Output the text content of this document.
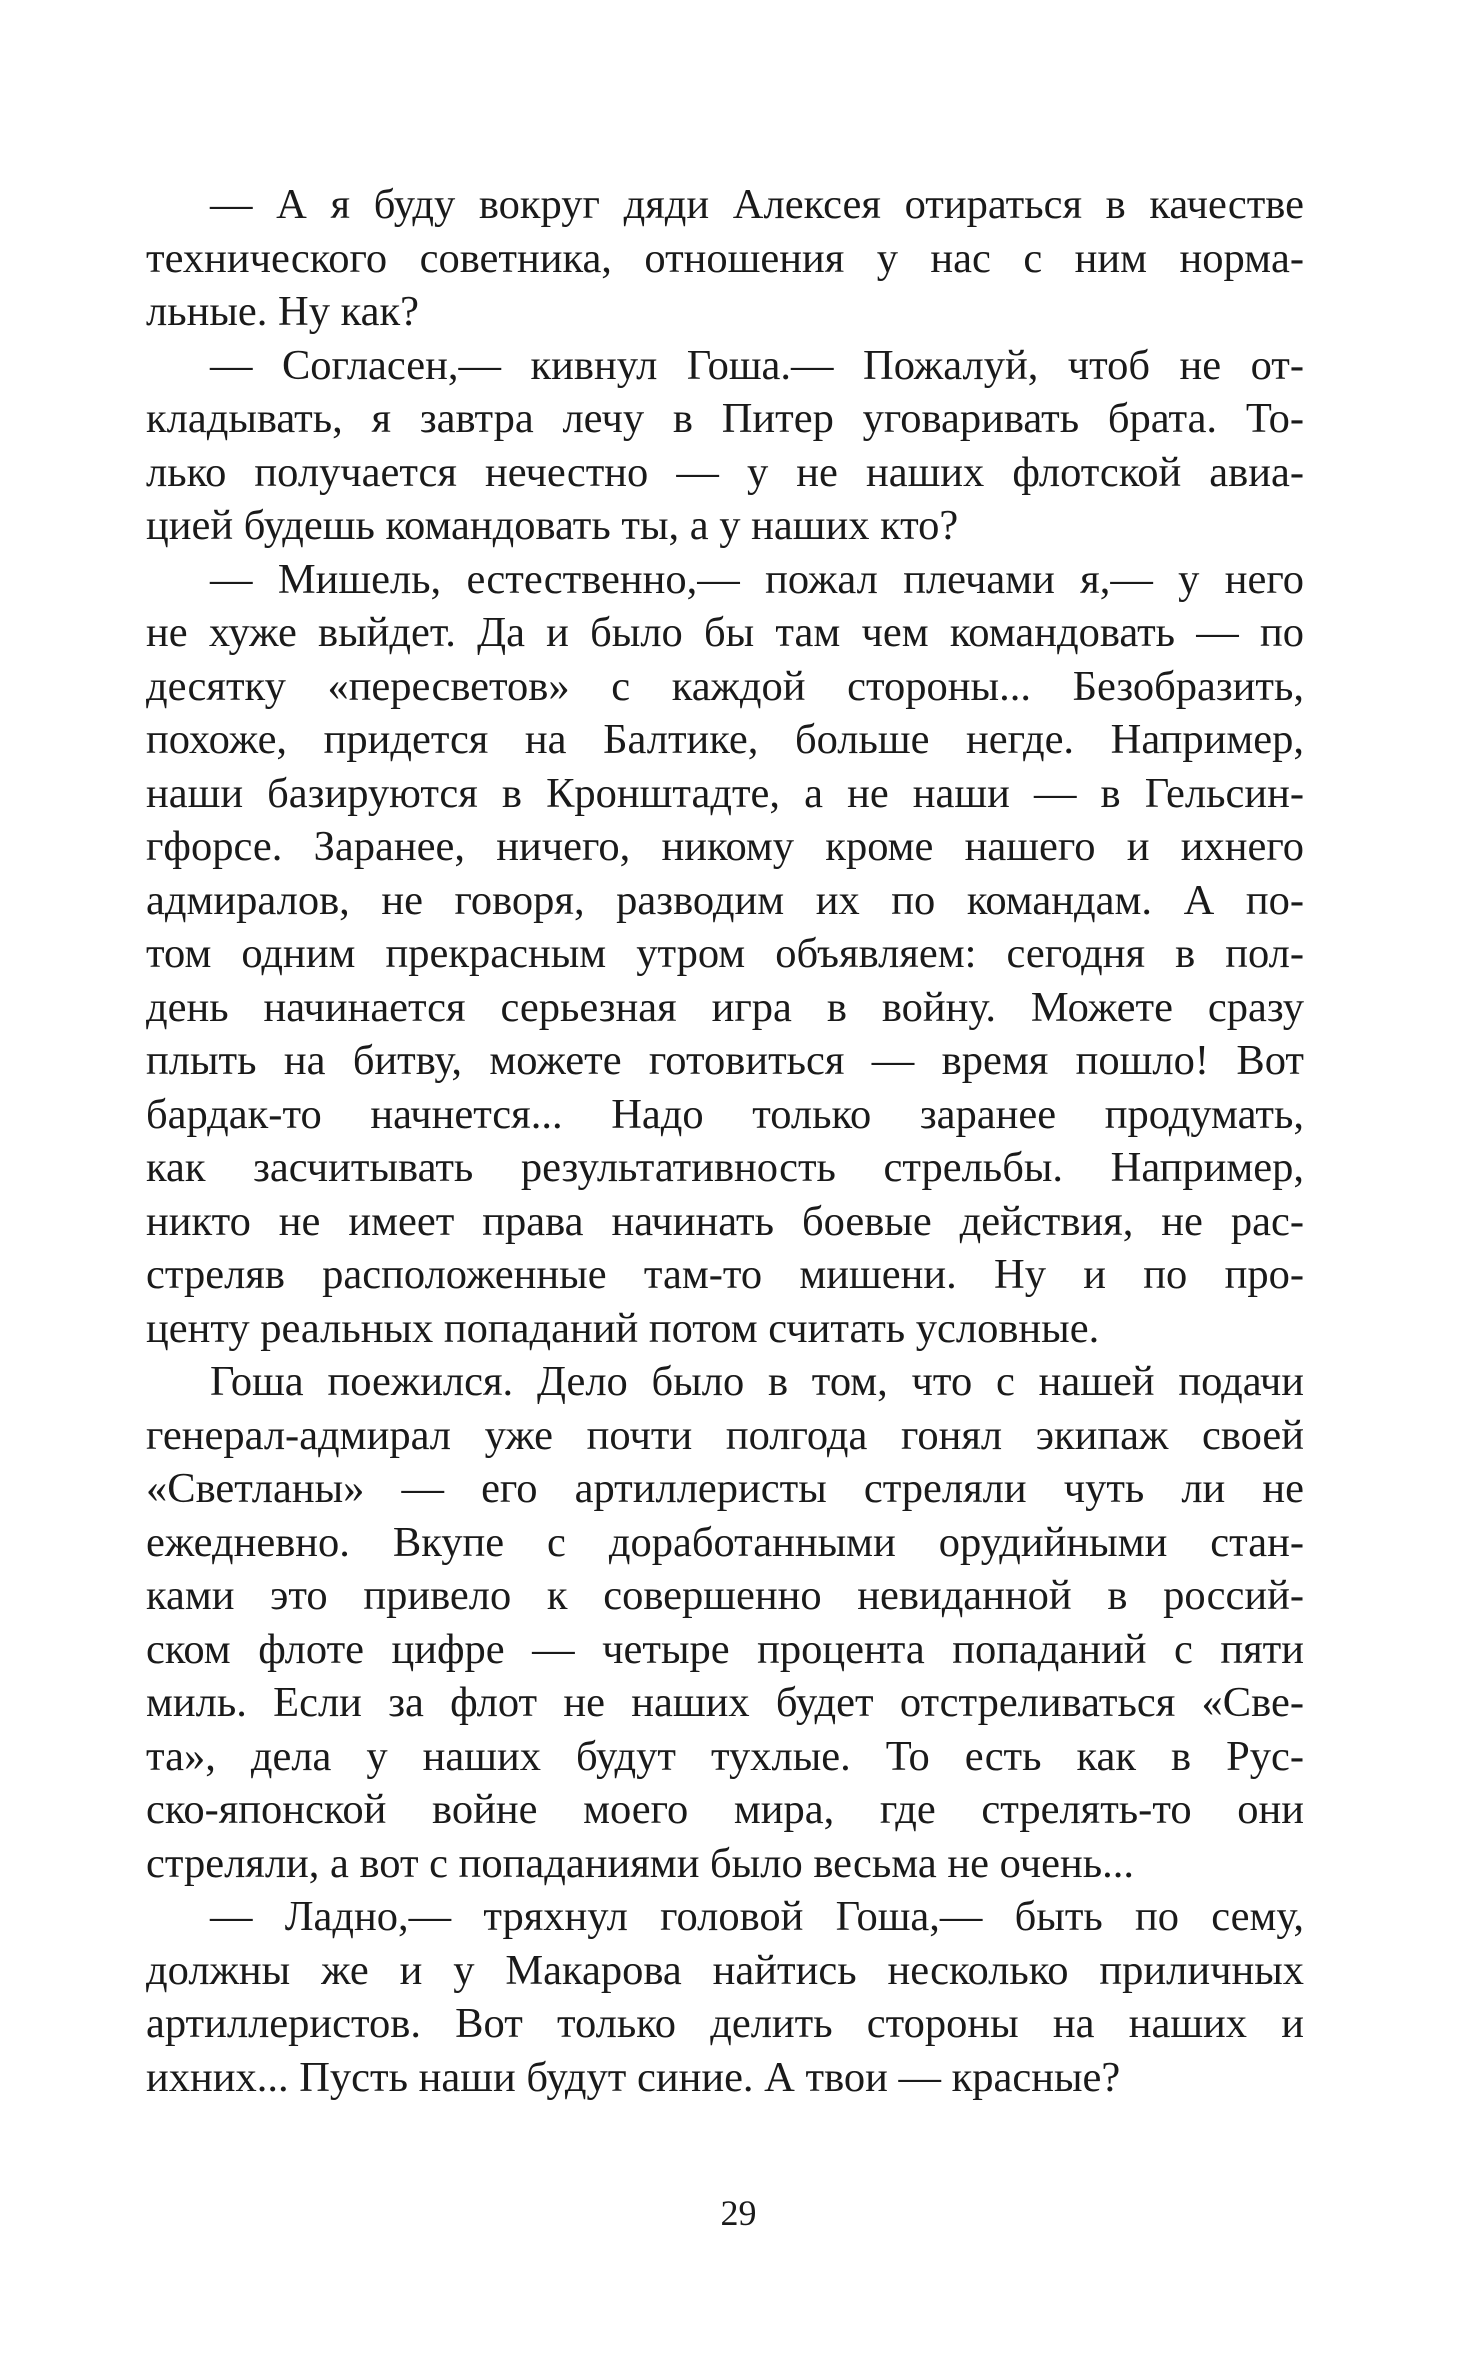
— А я буду вокруг дяди Алексея отираться в качестве
технического советника, отношения у нас с ним нормa-
льные. Ну как?
— Согласен,— кивнул Гоша.— Пожалуй, чтоб не от-
кладывать, я завтра лечу в Питер уговаривать брата. То-
лько получается нечестно — у не наших флотской авиа-
цией будешь командовать ты, а у наших кто?
— Мишель, естественно,— пожал плечами я,— у него
не хуже выйдет. Да и было бы там чем командовать — по
десятку «пересветов» с каждой стороны... Безобразить,
похоже, придется на Балтике, больше негде. Например,
наши базируются в Кронштадте, а не наши — в Гельсин-
гфорсе. Заранее, ничего, никому кроме нашего и ихнего
адмиралов, не говоря, разводим их по командам. А по-
том одним прекрасным утром объявляем: сегодня в пол-
день начинается серьезная игра в войну. Можете сразу
плыть на битву, можете готовиться — время пошло! Вот
бардак-то начнется... Надо только заранее продумать,
как засчитывать результативность стрельбы. Например,
никто не имеет права начинать боевые действия, не рас-
стреляв расположенные там-то мишени. Ну и по про-
центу реальных попаданий потом считать условные.
Гоша поежился. Дело было в том, что с нашей подачи
генерал-адмирал уже почти полгода гонял экипаж своей
«Светланы» — его артиллеристы стреляли чуть ли не
ежедневно. Вкупе с доработанными орудийными стан-
ками это привело к совершенно невиданной в россий-
ском флоте цифре — четыре процента попаданий с пяти
миль. Если за флот не наших будет отстреливаться «Све-
та», дела у наших будут тухлые. То есть как в Рус-
ско-японской войне моего мира, где стрелять-то они
стреляли, а вот с попаданиями было весьма не очень...
— Ладно,— тряхнул головой Гоша,— быть по сему,
должны же и у Макарова найтись несколько приличных
артиллеристов. Вот только делить стороны на наших и
ихних... Пусть наши будут синие. А твои — красные?
29
